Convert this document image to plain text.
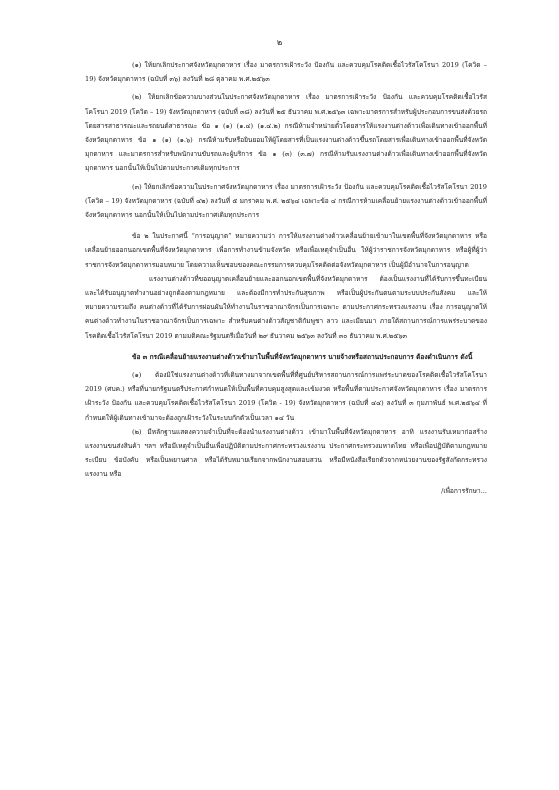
๒

(๑) ให้ยกเลิกประกาศจังหวัดมุกดาหาร เรื่อง มาตรการเฝ้าระวัง ป้องกัน และควบคุมโรคติดเชื้อไวรัสโคโรนา 2019 (โควิด – 19) จังหวัดมุกดาหาร (ฉบับที่ ๓๖) ลงวันที่ ๒๘ ตุลาคม พ.ศ.๒๕๖๓

(๒) ให้ยกเลิกข้อความบางส่วนในประกาศจังหวัดมุกดาหาร เรื่อง มาตรการเฝ้าระวัง ป้องกัน และควบคุมโรคติดเชื้อไวรัสโคโรนา 2019 (โควิด – 19) จังหวัดมุกดาหาร (ฉบับที่ ๓๘) ลงวันที่ ๒๕ ธันวาคม พ.ศ.๒๕๖๓ เฉพาะมาตรการสำหรับผู้ประกอบการขนส่งด้วยรถโดยสารสาธารณะและรถยนต์สาธารณะ ข้อ ๑ (๑) (๑.๔) (๑.๔.๒) กรณีห้ามจำหน่ายตั๋วโดยสารให้แรงงานต่างด้าวเพื่อเดินทางเข้าออกพื้นที่จังหวัดมุกดาหาร ข้อ ๑ (๑) (๑.๖) กรณีห้ามรับหรือยินยอมให้ผู้โดยสารที่เป็นแรงงานต่างด้าวขึ้นรถโดยสารเพื่อเดินทางเข้าออกพื้นที่จังหวัดมุกดาหาร และมาตรการสำหรับพนักงานขับรถและผู้บริการ ข้อ ๑ (๓) (๓.๗) กรณีห้ามรับแรงงานต่างด้าวเพื่อเดินทางเข้าออกพื้นที่จังหวัดมุกดาหาร นอกนั้นให้เป็นไปตามประกาศเดิมทุกประการ

(๓) ให้ยกเลิกข้อความในประกาศจังหวัดมุกดาหาร เรื่อง มาตรการเฝ้าระวัง ป้องกัน และควบคุมโรคติดเชื้อไวรัสโคโรนา 2019 (โควิด – 19) จังหวัดมุกดาหาร (ฉบับที่ ๔๒) ลงวันที่ ๕ มกราคม พ.ศ. ๒๕๖๔ เฉพาะข้อ ๔ กรณีการห้ามเคลื่อนย้ายแรงงานต่างด้าวเข้าออกพื้นที่จังหวัดมุกดาหาร นอกนั้นให้เป็นไปตามประกาศเดิมทุกประการ

ข้อ ๒ ในประกาศนี้ “การอนุญาต” หมายความว่า การให้แรงงานต่างด้าวเคลื่อนย้ายเข้ามาในเขตพื้นที่จังหวัดมุกดาหาร หรือเคลื่อนย้ายออกนอกเขตพื้นที่จังหวัดมุกดาหาร เพื่อการทำงานข้ามจังหวัด หรือเพื่อเหตุจำเป็นอื่น ให้ผู้ว่าราชการจังหวัดมุกดาหาร หรือผู้ที่ผู้ว่าราชการจังหวัดมุกดาหารมอบหมาย โดยความเห็นชอบของคณะกรรมการควบคุมโรคติดต่อจังหวัดมุกดาหาร เป็นผู้มีอำนาจในการอนุญาต

แรงงานต่างด้าวที่ขออนุญาตเคลื่อนย้ายและออกนอกเขตพื้นที่จังหวัดมุกดาหาร ต้องเป็นแรงงานที่ได้รับการขึ้นทะเบียนและได้รับอนุญาตทำงานอย่างถูกต้องตามกฎหมาย และต้องมีการทำประกันสุขภาพ หรือเป็นผู้ประกันตนตามระบบประกันสังคม และให้หมายความรวมถึง คนต่างด้าวที่ได้รับการผ่อนผันให้ทำงานในราชอาณาจักรเป็นการเฉพาะ ตามประกาศกระทรวงแรงงาน เรื่อง การอนุญาตให้คนต่างด้าวทำงานในราชอาณาจักรเป็นการเฉพาะ สำหรับคนต่างด้าวสัญชาติกัมพูชา ลาว และเมียนมา ภายใต้สถานการณ์การแพร่ระบาดของโรคติดเชื้อไวรัสโคโรนา 2019 ตามมติคณะรัฐมนตรีเมื่อวันที่ ๒๙ ธันวาคม ๒๕๖๓ ลงวันที่ ๓๐ ธันวาคม พ.ศ.๒๕๖๓

ข้อ ๓ กรณีเคลื่อนย้ายแรงงานต่างด้าวเข้ามาในพื้นที่จังหวัดมุกดาหาร นายจ้างหรือสถานประกอบการ ต้องดำเนินการ ดังนี้

(๑) ต้องมิใช่แรงงานต่างด้าวที่เดินทางมาจากเขตพื้นที่ที่ศูนย์บริหารสถานการณ์การแพร่ระบาดของโรคติดเชื้อไวรัสโคโรนา 2019 (ศบค.) หรือที่นายกรัฐมนตรีประกาศกำหนดให้เป็นพื้นที่ควบคุมสูงสุดและเข้มงวด หรือพื้นที่ตามประกาศจังหวัดมุกดาหาร เรื่อง มาตรการเฝ้าระวัง ป้องกัน และควบคุมโรคติดเชื้อไวรัสโคโรนา 2019 (โควิด - 19) จังหวัดมุกดาหาร (ฉบับที่ ๔๔) ลงวันที่ ๓ กุมภาพันธ์ พ.ศ.๒๕๖๔ ที่กำหนดให้ผู้เดินทางเข้ามาจะต้องถูกเฝ้าระวังในระบบกักตัวเป็นเวลา ๑๔ วัน

(๒) มีหลักฐานแสดงความจำเป็นที่จะต้องนำแรงงานต่างด้าว เข้ามาในพื้นที่จังหวัดมุกดาหาร อาทิ แรงงานรับเหมาก่อสร้าง แรงงานขนส่งสินค้า ฯลฯ หรือมีเหตุจำเป็นอื่นเพื่อปฏิบัติตามประกาศกระทรวงแรงงาน ประกาศกระทรวงมหาดไทย หรือเพื่อปฏิบัติตามกฎหมาย ระเบียบ ข้อบังคับ หรือเป็นพยานศาล หรือได้รับหมายเรียกจากพนักงานสอบสวน หรือมีหนังสือเรียกตัวจากหน่วยงานของรัฐสังกัดกระทรวงแรงงาน หรือ

/เพื่อการรักษา...
